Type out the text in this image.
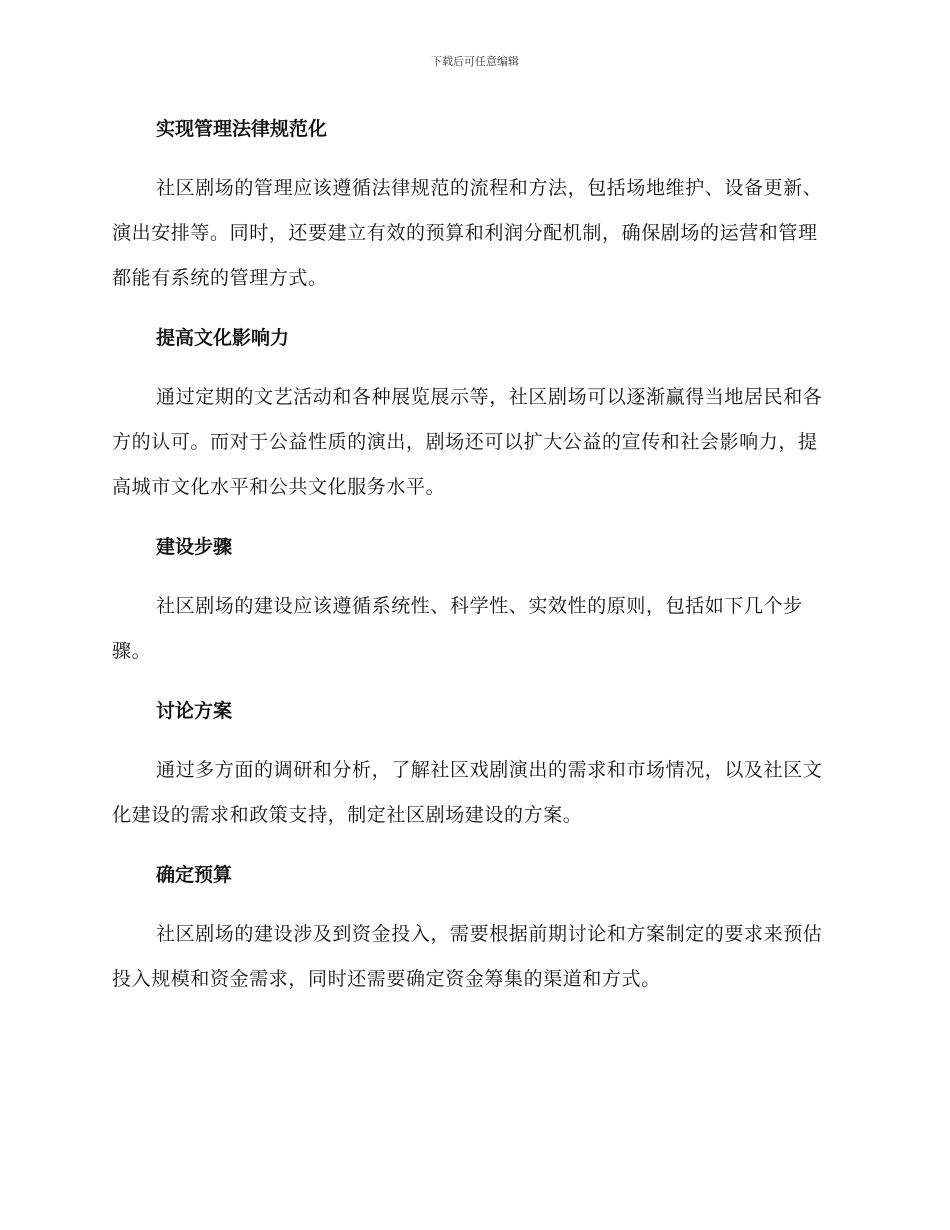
下载后可任意编辑
实现管理法律规范化

社区剧场的管理应该遵循法律规范的流程和方法，包括场地维护、设备更新、演出安排等。同时，还要建立有效的预算和利润分配机制，确保剧场的运营和管理都能有系统的管理方式。

提高文化影响力

通过定期的文艺活动和各种展览展示等，社区剧场可以逐渐赢得当地居民和各方的认可。而对于公益性质的演出，剧场还可以扩大公益的宣传和社会影响力，提高城市文化水平和公共文化服务水平。

建设步骤

社区剧场的建设应该遵循系统性、科学性、实效性的原则，包括如下几个步骤。

讨论方案

通过多方面的调研和分析，了解社区戏剧演出的需求和市场情况，以及社区文化建设的需求和政策支持，制定社区剧场建设的方案。

确定预算

社区剧场的建设涉及到资金投入，需要根据前期讨论和方案制定的要求来预估投入规模和资金需求，同时还需要确定资金筹集的渠道和方式。
